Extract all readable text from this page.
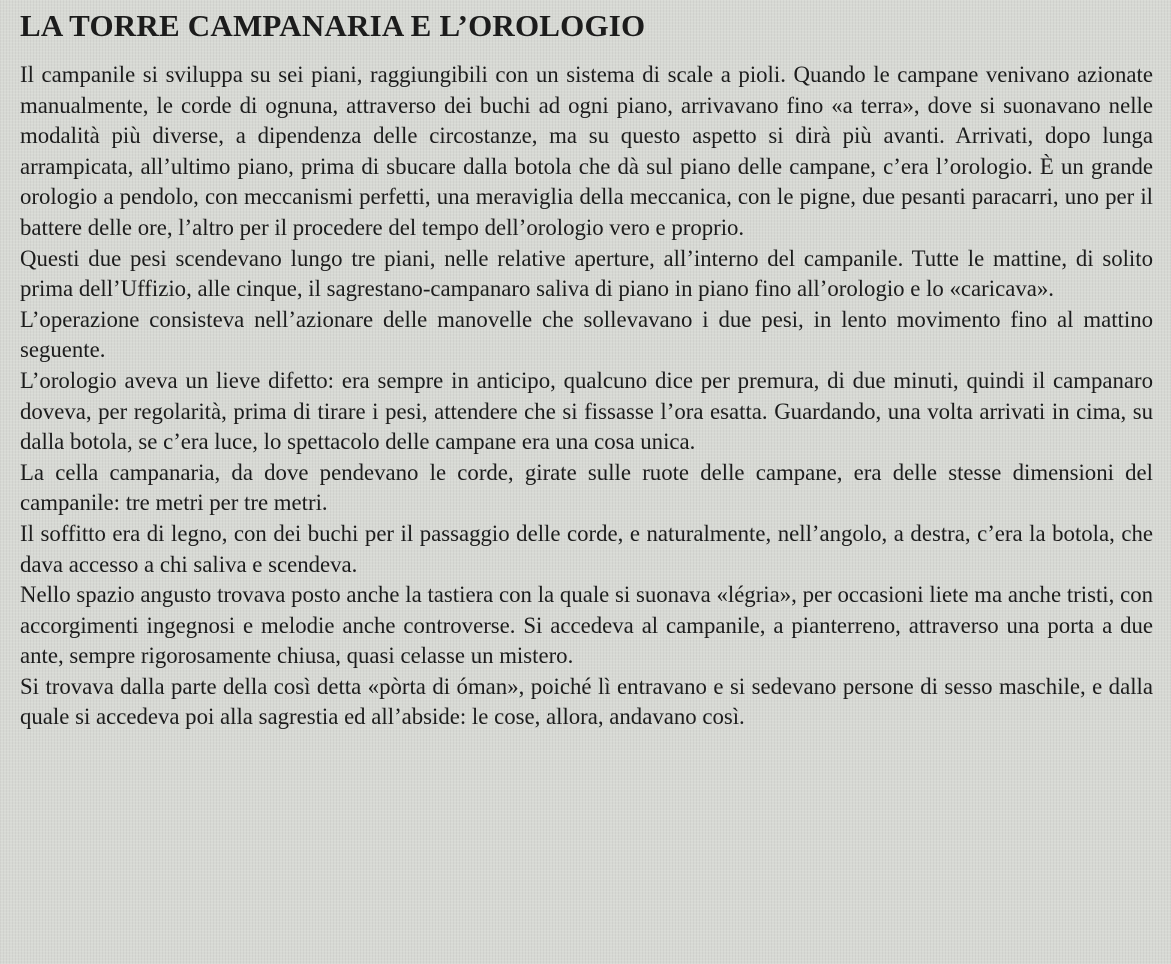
LA TORRE CAMPANARIA E L’OROLOGIO

Il campanile si sviluppa su sei piani, raggiungibili con un sistema di scale a pioli. Quando le campane venivano azionate manualmente, le corde di ognuna, attraverso dei buchi ad ogni piano, arrivavano fino «a terra», dove si suonavano nelle modalità più diverse, a dipendenza delle circostanze, ma su questo aspetto si dirà più avanti. Arrivati, dopo lunga arrampicata, all’ultimo piano, prima di sbucare dalla botola che dà sul piano delle campane, c’era l’orologio. È un grande orologio a pendolo, con meccanismi perfetti, una meraviglia della meccanica, con le pigne, due pesanti paracarri, uno per il battere delle ore, l’altro per il procedere del tempo dell’orologio vero e proprio.

Questi due pesi scendevano lungo tre piani, nelle relative aperture, all’interno del campanile. Tutte le mattine, di solito prima dell’Uffizio, alle cinque, il sagrestano-campanaro saliva di piano in piano fino all’orologio e lo «caricava».

L’operazione consisteva nell’azionare delle manovelle che sollevavano i due pesi, in lento movimento fino al mattino seguente.

L’orologio aveva un lieve difetto: era sempre in anticipo, qualcuno dice per premura, di due minuti, quindi il campanaro doveva, per regolarità, prima di tirare i pesi, attendere che si fissasse l’ora esatta. Guardando, una volta arrivati in cima, su dalla botola, se c’era luce, lo spettacolo delle campane era una cosa unica.

La cella campanaria, da dove pendevano le corde, girate sulle ruote delle campane, era delle stesse dimensioni del campanile: tre metri per tre metri.

Il soffitto era di legno, con dei buchi per il passaggio delle corde, e naturalmente, nell’angolo, a destra, c’era la botola, che dava accesso a chi saliva e scendeva.

Nello spazio angusto trovava posto anche la tastiera con la quale si suonava «légria», per occasioni liete ma anche tristi, con accorgimenti ingegnosi e melodie anche controverse. Si accedeva al campanile, a pianterreno, attraverso una porta a due ante, sempre rigorosamente chiusa, quasi celasse un mistero.

Si trovava dalla parte della così detta «pòrta di óman», poiché lì entravano e si sedevano persone di sesso maschile, e dalla quale si accedeva poi alla sagrestia ed all’abside: le cose, allora, andavano così.
